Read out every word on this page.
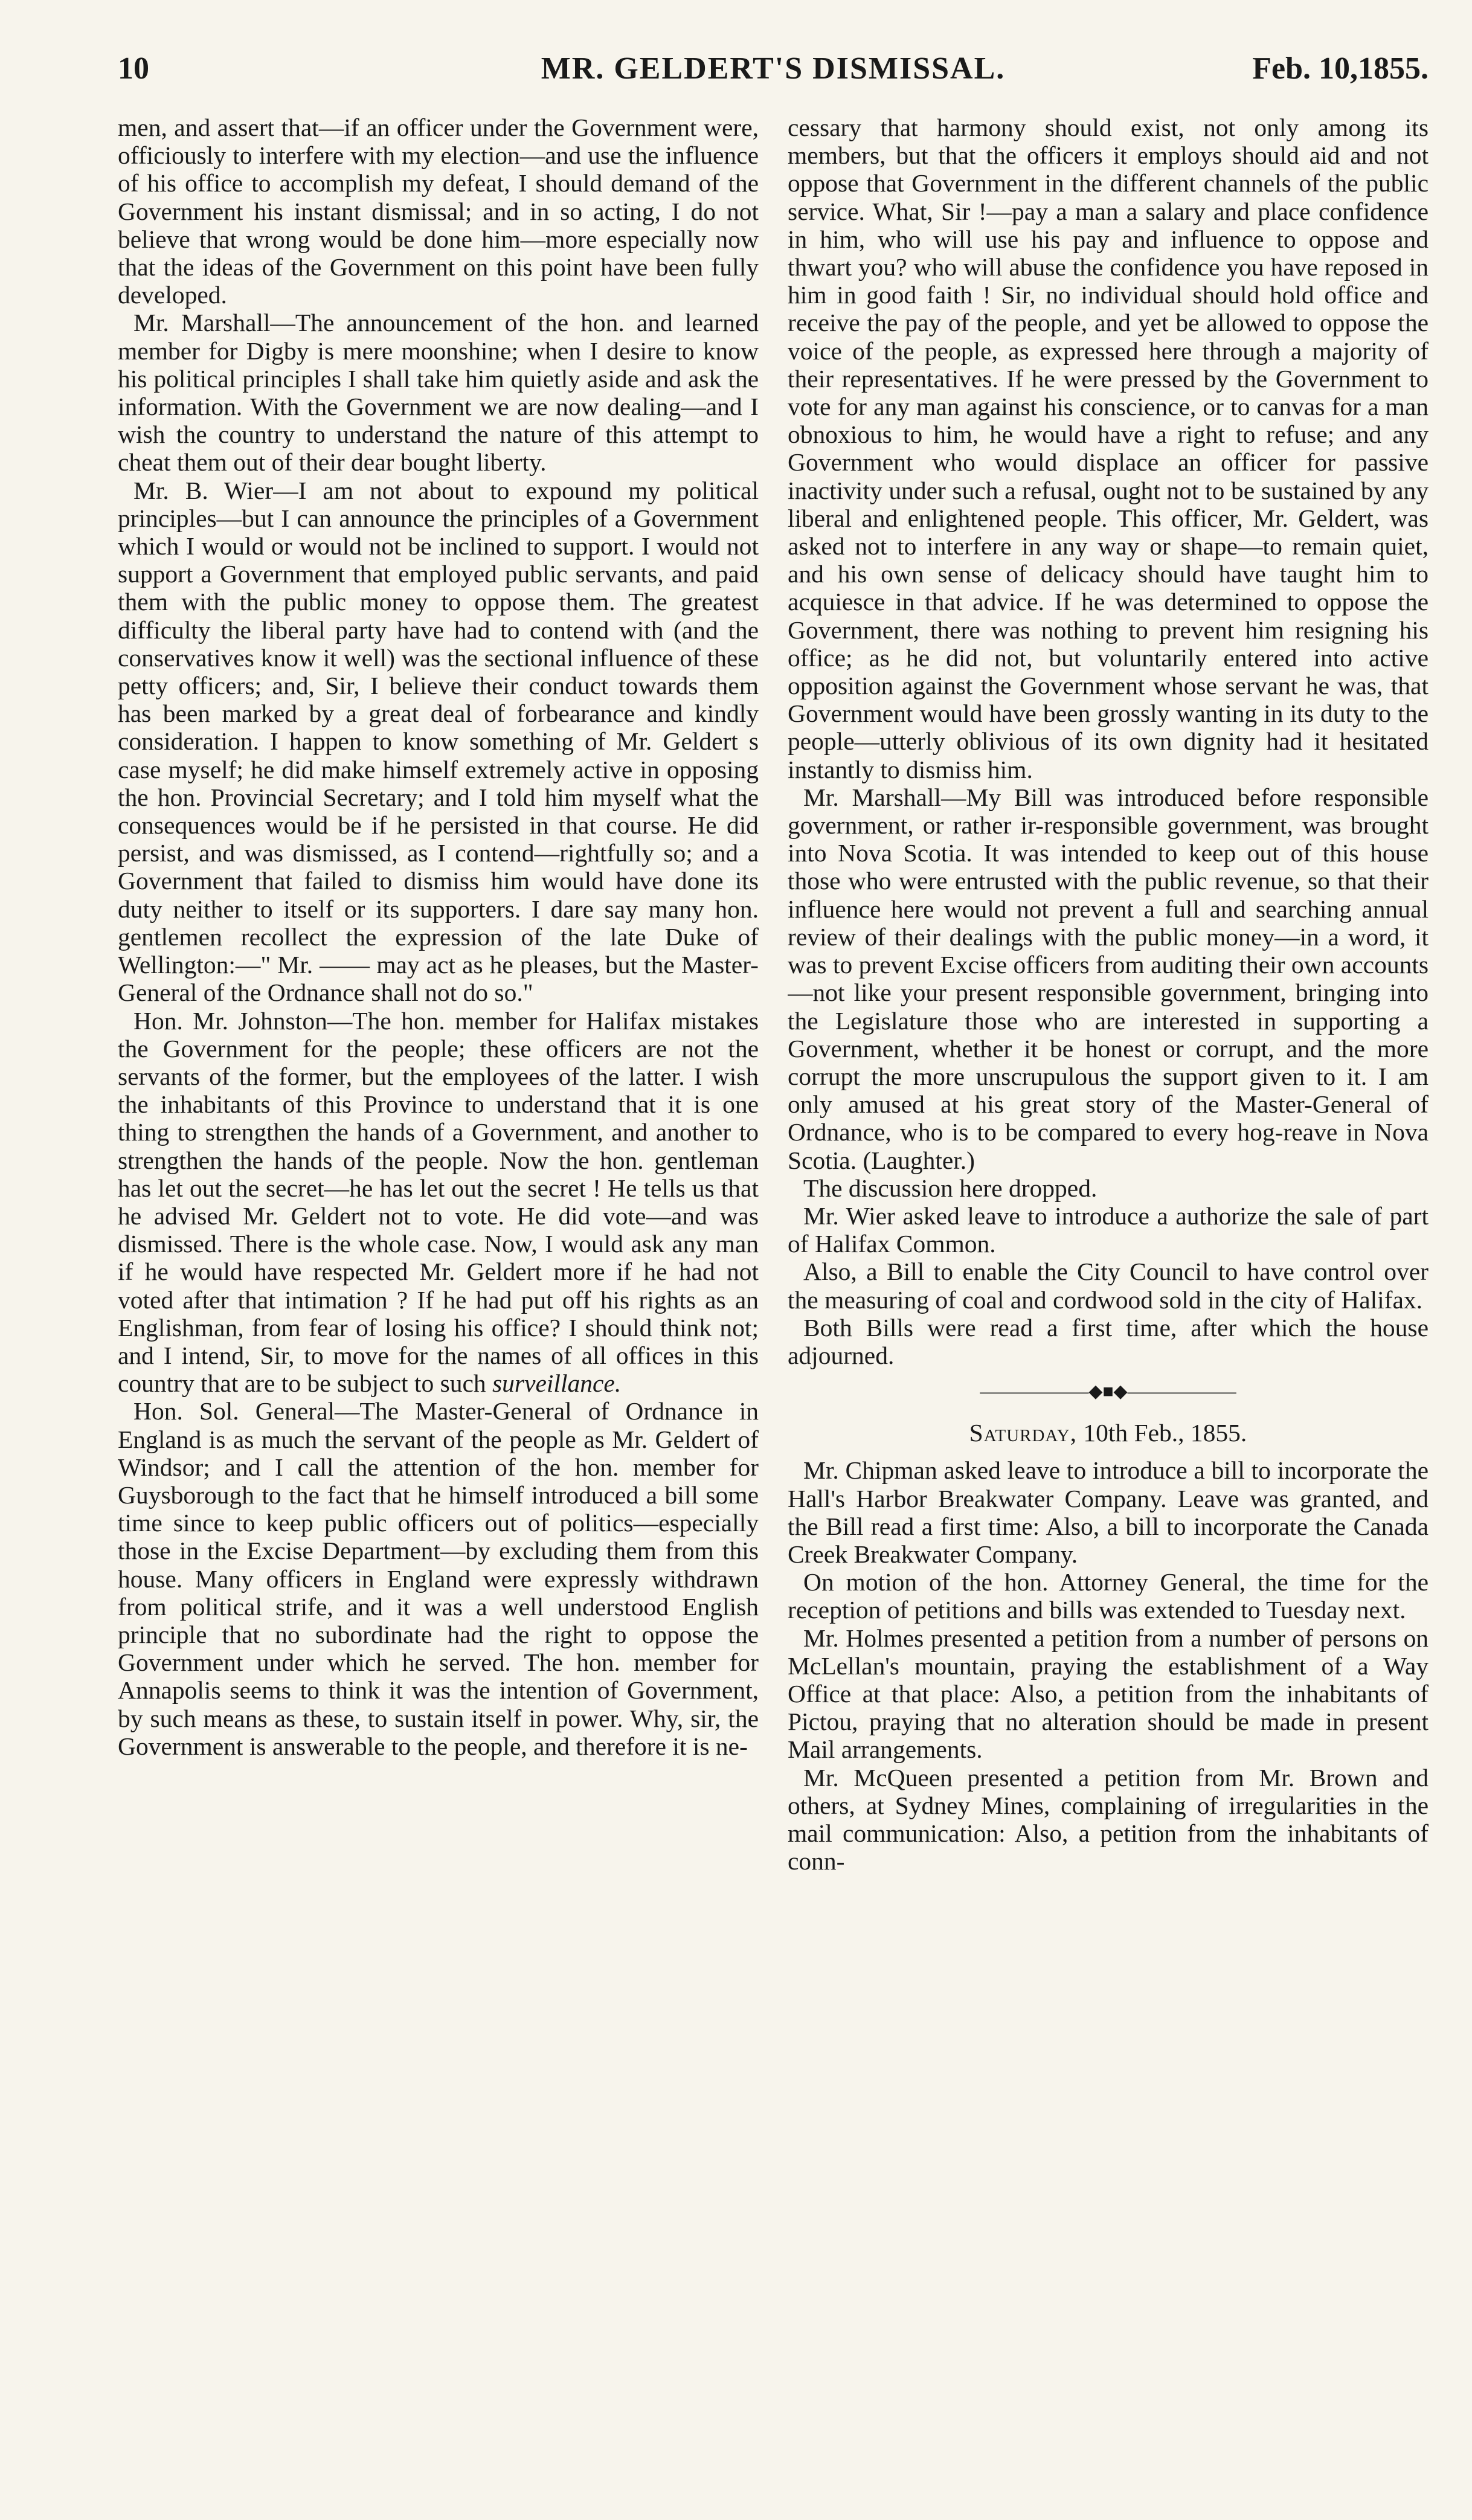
10	MR. GELDERT'S DISMISSAL.	Feb. 10,1855.

men, and assert that—if an officer under the Government were, officiously to interfere with my election—and use the influence of his office to accomplish my defeat, I should demand of the Government his instant dismissal; and in so acting, I do not believe that wrong would be done him—more especially now that the ideas of the Government on this point have been fully developed.

Mr. Marshall—The announcement of the hon. and learned member for Digby is mere moonshine; when I desire to know his political principles I shall take him quietly aside and ask the information. With the Government we are now dealing—and I wish the country to understand the nature of this attempt to cheat them out of their dear bought liberty.

Mr. B. Wier—I am not about to expound my political principles—but I can announce the principles of a Government which I would or would not be inclined to support. I would not support a Government that employed public servants, and paid them with the public money to oppose them. The greatest difficulty the liberal party have had to contend with (and the conservatives know it well) was the sectional influence of these petty officers; and, Sir, I believe their conduct towards them has been marked by a great deal of forbearance and kindly consideration. I happen to know something of Mr. Geldert s case myself; he did make himself extremely active in opposing the hon. Provincial Secretary; and I told him myself what the consequences would be if he persisted in that course. He did persist, and was dismissed, as I contend—rightfully so; and a Government that failed to dismiss him would have done its duty neither to itself or its supporters. I dare say many hon. gentlemen recollect the expression of the late Duke of Wellington:—" Mr. —— may act as he pleases, but the Master-General of the Ordnance shall not do so."

Hon. Mr. Johnston—The hon. member for Halifax mistakes the Government for the people; these officers are not the servants of the former, but the employees of the latter. I wish the inhabitants of this Province to understand that it is one thing to strengthen the hands of a Government, and another to strengthen the hands of the people. Now the hon. gentleman has let out the secret—he has let out the secret ! He tells us that he advised Mr. Geldert not to vote. He did vote—and was dismissed. There is the whole case. Now, I would ask any man if he would have respected Mr. Geldert more if he had not voted after that intimation ? If he had put off his rights as an Englishman, from fear of losing his office? I should think not; and I intend, Sir, to move for the names of all offices in this country that are to be subject to such surveillance.

Hon. Sol. General—The Master-General of Ordnance in England is as much the servant of the people as Mr. Geldert of Windsor; and I call the attention of the hon. member for Guysborough to the fact that he himself introduced a bill some time since to keep public officers out of politics—especially those in the Excise Department—by excluding them from this house. Many officers in England were expressly withdrawn from political strife, and it was a well understood English principle that no subordinate had the right to oppose the Government under which he served. The hon. member for Annapolis seems to think it was the intention of Government, by such means as these, to sustain itself in power. Why, sir, the Government is answerable to the people, and therefore it is ne-

cessary that harmony should exist, not only among its members, but that the officers it employs should aid and not oppose that Government in the different channels of the public service. What, Sir !—pay a man a salary and place confidence in him, who will use his pay and influence to oppose and thwart you? who will abuse the confidence you have reposed in him in good faith ! Sir, no individual should hold office and receive the pay of the people, and yet be allowed to oppose the voice of the people, as expressed here through a majority of their representatives. If he were pressed by the Government to vote for any man against his conscience, or to canvas for a man obnoxious to him, he would have a right to refuse; and any Government who would displace an officer for passive inactivity under such a refusal, ought not to be sustained by any liberal and enlightened people. This officer, Mr. Geldert, was asked not to interfere in any way or shape—to remain quiet, and his own sense of delicacy should have taught him to acquiesce in that advice. If he was determined to oppose the Government, there was nothing to prevent him resigning his office; as he did not, but voluntarily entered into active opposition against the Government whose servant he was, that Government would have been grossly wanting in its duty to the people—utterly oblivious of its own dignity had it hesitated instantly to dismiss him.

Mr. Marshall—My Bill was introduced before responsible government, or rather ir-responsible government, was brought into Nova Scotia. It was intended to keep out of this house those who were entrusted with the public revenue, so that their influence here would not prevent a full and searching annual review of their dealings with the public money—in a word, it was to prevent Excise officers from auditing their own accounts—not like your present responsible government, bringing into the Legislature those who are interested in supporting a Government, whether it be honest or corrupt, and the more corrupt the more unscrupulous the support given to it. I am only amused at his great story of the Master-General of Ordnance, who is to be compared to every hog-reave in Nova Scotia. (Laughter.)

The discussion here dropped.

Mr. Wier asked leave to introduce a authorize the sale of part of Halifax Common.

Also, a Bill to enable the City Council to have control over the measuring of coal and cordwood sold in the city of Halifax.

Both Bills were read a first time, after which the house adjourned.

——————◆■◆——————
Saturday, 10th Feb., 1855.

Mr. Chipman asked leave to introduce a bill to incorporate the Hall's Harbor Breakwater Company. Leave was granted, and the Bill read a first time: Also, a bill to incorporate the Canada Creek Breakwater Company.

On motion of the hon. Attorney General, the time for the reception of petitions and bills was extended to Tuesday next.

Mr. Holmes presented a petition from a number of persons on McLellan's mountain, praying the establishment of a Way Office at that place: Also, a petition from the inhabitants of Pictou, praying that no alteration should be made in present Mail arrangements.

Mr. McQueen presented a petition from Mr. Brown and others, at Sydney Mines, complaining of irregularities in the mail communication: Also, a petition from the inhabitants of conn-
